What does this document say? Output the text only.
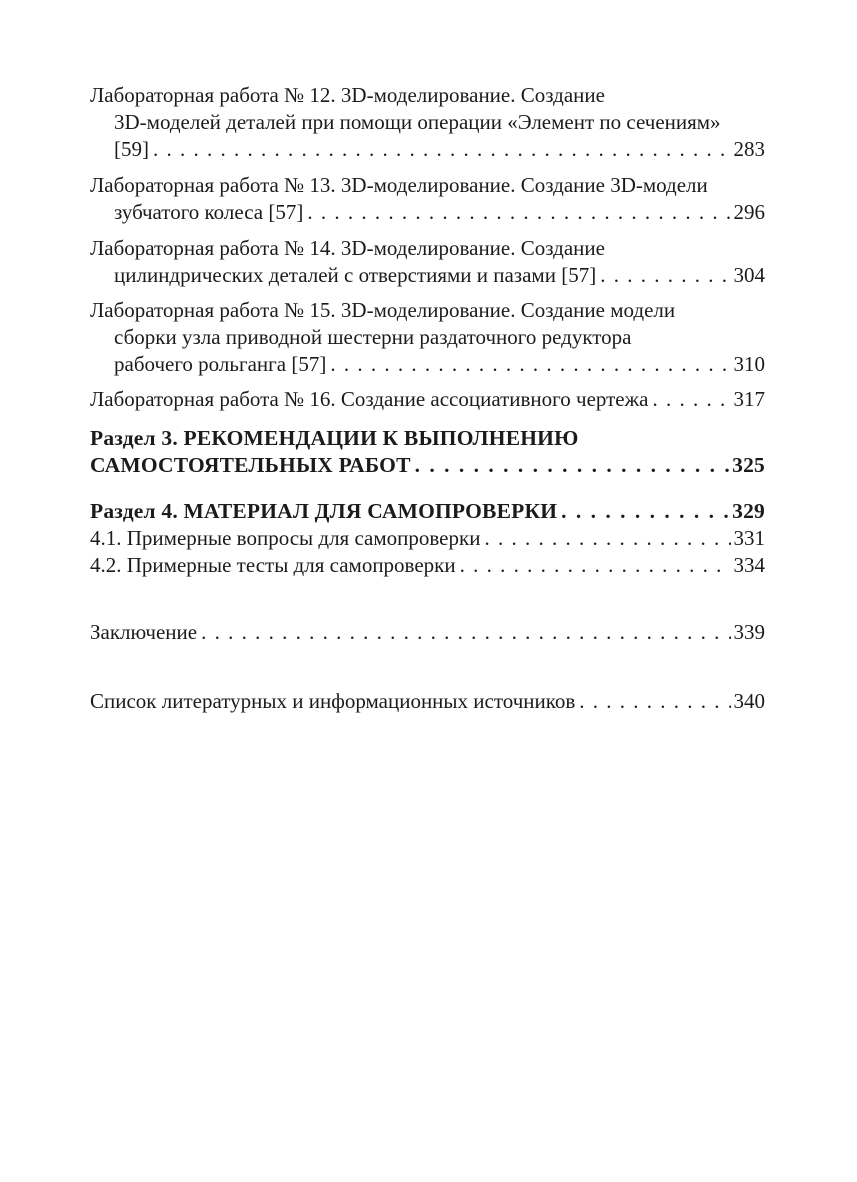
Лабораторная работа № 12. 3D-моделирование. Создание
3D-моделей деталей при помощи операции «Элемент по сечениям»
[59] . . .	283
Лабораторная работа № 13. 3D-моделирование. Создание 3D-модели
зубчатого колеса [57] . . .	296
Лабораторная работа № 14. 3D-моделирование. Создание
цилиндрических деталей с отверстиями и пазами [57] . . .	304
Лабораторная работа № 15. 3D-моделирование. Создание модели
сборки узла приводной шестерни раздаточного редуктора
рабочего рольганга [57] . . .	310
Лабораторная работа № 16. Создание ассоциативного чертежа . . .	317
Раздел 3. РЕКОМЕНДАЦИИ К ВЫПОЛНЕНИЮ
САМОСТОЯТЕЛЬНЫХ РАБОТ . . .	325
Раздел 4. МАТЕРИАЛ ДЛЯ САМОПРОВЕРКИ . . .	329
4.1. Примерные вопросы для самопроверки . . .	331
4.2. Примерные тесты для самопроверки . . .	334
Заключение . . .	339
Список литературных и информационных источников . . .	340
